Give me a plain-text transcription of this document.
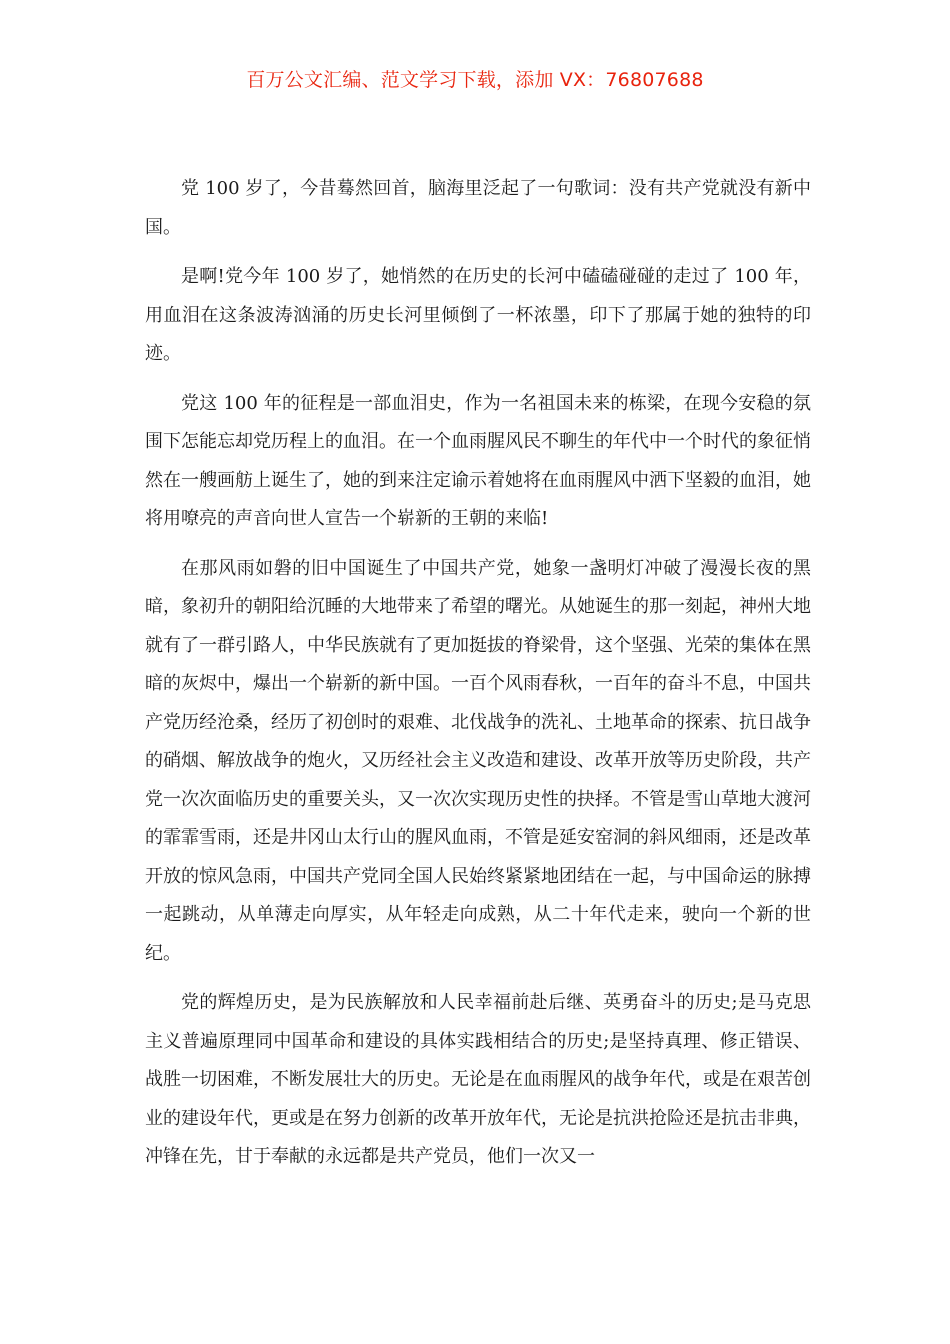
百万公文汇编、范文学习下载，添加 VX：76807688

党 100 岁了，今昔蓦然回首，脑海里泛起了一句歌词：没有共产党就没有新中国。

是啊!党今年 100 岁了，她悄然的在历史的长河中磕磕碰碰的走过了 100 年，用血泪在这条波涛汹涌的历史长河里倾倒了一杯浓墨，印下了那属于她的独特的印迹。

党这 100 年的征程是一部血泪史，作为一名祖国未来的栋梁，在现今安稳的氛围下怎能忘却党历程上的血泪。在一个血雨腥风民不聊生的年代中一个时代的象征悄然在一艘画舫上诞生了，她的到来注定谕示着她将在血雨腥风中洒下坚毅的血泪，她将用嘹亮的声音向世人宣告一个崭新的王朝的来临!

在那风雨如磐的旧中国诞生了中国共产党，她象一盏明灯冲破了漫漫长夜的黑暗，象初升的朝阳给沉睡的大地带来了希望的曙光。从她诞生的那一刻起，神州大地就有了一群引路人，中华民族就有了更加挺拔的脊梁骨，这个坚强、光荣的集体在黑暗的灰烬中，爆出一个崭新的新中国。一百个风雨春秋，一百年的奋斗不息，中国共产党历经沧桑，经历了初创时的艰难、北伐战争的洗礼、土地革命的探索、抗日战争的硝烟、解放战争的炮火，又历经社会主义改造和建设、改革开放等历史阶段，共产党一次次面临历史的重要关头，又一次次实现历史性的抉择。不管是雪山草地大渡河的霏霏雪雨，还是井冈山太行山的腥风血雨，不管是延安窑洞的斜风细雨，还是改革开放的惊风急雨，中国共产党同全国人民始终紧紧地团结在一起，与中国命运的脉搏一起跳动，从单薄走向厚实，从年轻走向成熟，从二十年代走来，驶向一个新的世纪。

党的辉煌历史，是为民族解放和人民幸福前赴后继、英勇奋斗的历史;是马克思主义普遍原理同中国革命和建设的具体实践相结合的历史;是坚持真理、修正错误、战胜一切困难，不断发展壮大的历史。无论是在血雨腥风的战争年代，或是在艰苦创业的建设年代，更或是在努力创新的改革开放年代，无论是抗洪抢险还是抗击非典，冲锋在先，甘于奉献的永远都是共产党员，他们一次又一
